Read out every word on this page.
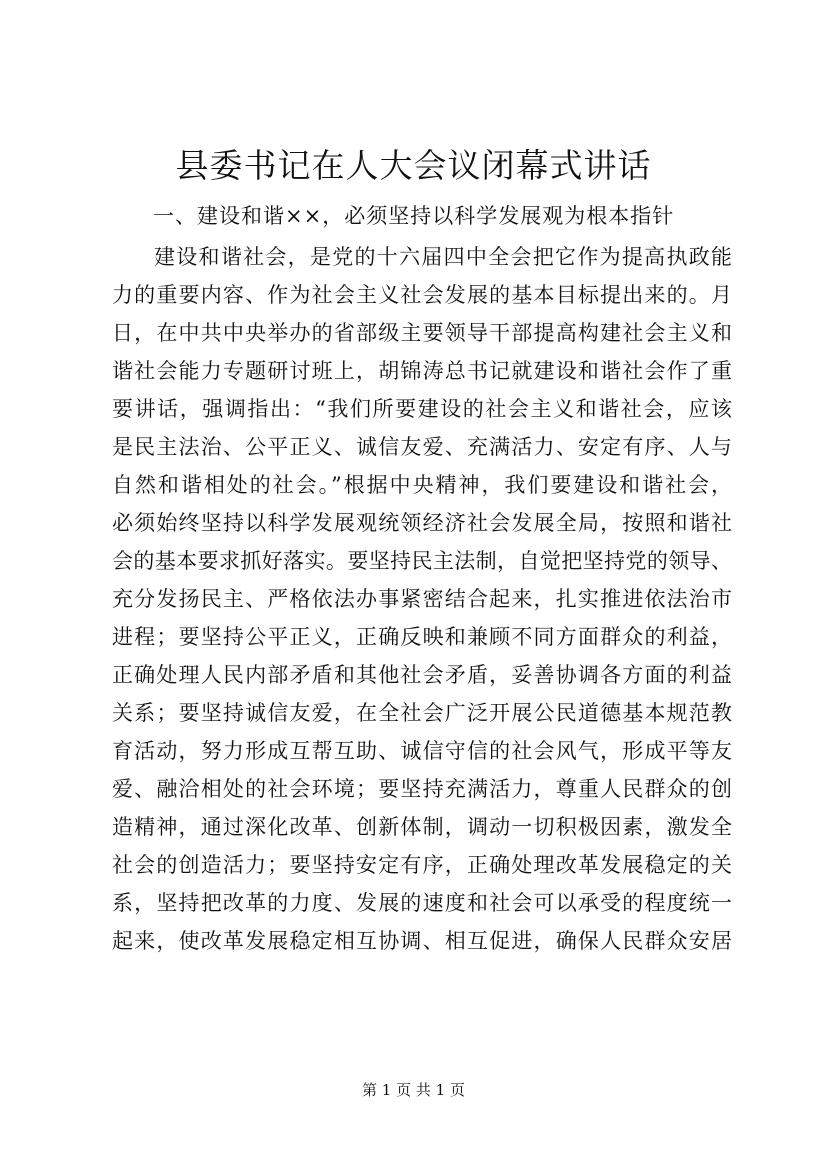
县委书记在人大会议闭幕式讲话

一、建设和谐××，必须坚持以科学发展观为根本指针

建设和谐社会，是党的十六届四中全会把它作为提高执政能
力的重要内容、作为社会主义社会发展的基本目标提出来的。月
日，在中共中央举办的省部级主要领导干部提高构建社会主义和
谐社会能力专题研讨班上，胡锦涛总书记就建设和谐社会作了重
要讲话，强调指出：“我们所要建设的社会主义和谐社会，应该
是民主法治、公平正义、诚信友爱、充满活力、安定有序、人与
自然和谐相处的社会。”根据中央精神，我们要建设和谐社会，
必须始终坚持以科学发展观统领经济社会发展全局，按照和谐社
会的基本要求抓好落实。要坚持民主法制，自觉把坚持党的领导、
充分发扬民主、严格依法办事紧密结合起来，扎实推进依法治市
进程；要坚持公平正义，正确反映和兼顾不同方面群众的利益，
正确处理人民内部矛盾和其他社会矛盾，妥善协调各方面的利益
关系；要坚持诚信友爱，在全社会广泛开展公民道德基本规范教
育活动，努力形成互帮互助、诚信守信的社会风气，形成平等友
爱、融洽相处的社会环境；要坚持充满活力，尊重人民群众的创
造精神，通过深化改革、创新体制，调动一切积极因素，激发全
社会的创造活力；要坚持安定有序，正确处理改革发展稳定的关
系，坚持把改革的力度、发展的速度和社会可以承受的程度统一
起来，使改革发展稳定相互协调、相互促进，确保人民群众安居
第 1 页 共 1 页
